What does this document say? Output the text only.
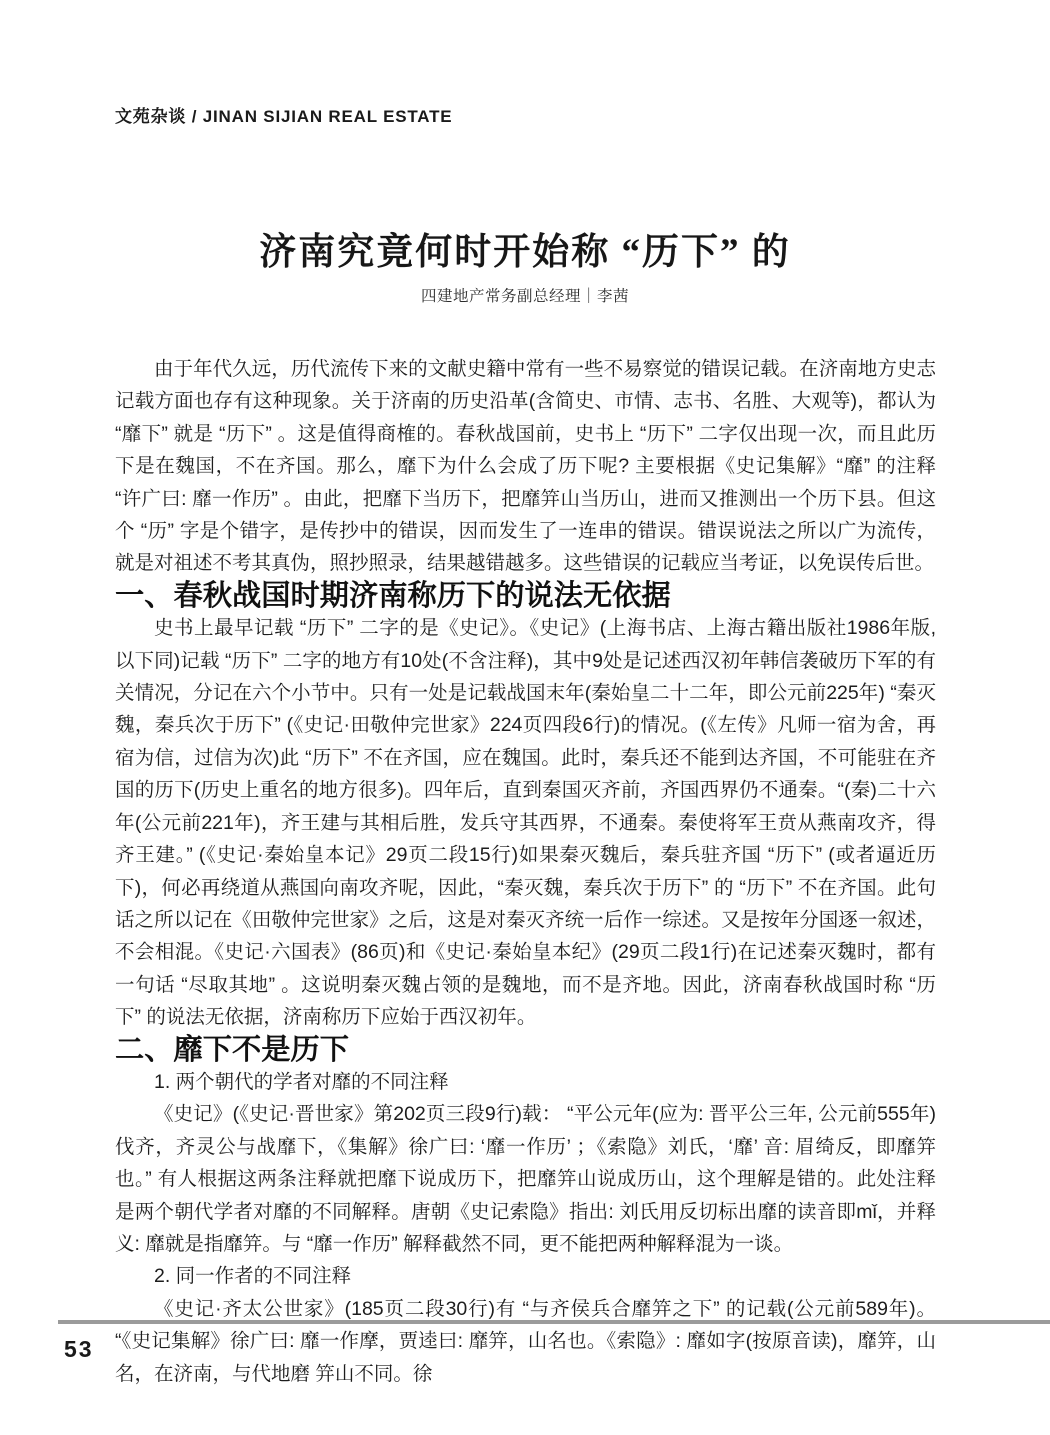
文苑杂谈 / JINAN SIJIAN REAL ESTATE
济南究竟何时开始称 “历下” 的
四建地产常务副总经理｜李茜

由于年代久远，历代流传下来的文献史籍中常有一些不易察觉的错误记载。在济南地方史志记载方面也存有这种现象。关于济南的历史沿革(含简史、市情、志书、名胜、大观等)，都认为 “靡下” 就是 “历下” 。这是值得商榷的。春秋战国前，史书上 “历下” 二字仅出现一次，而且此历下是在魏国，不在齐国。那么，靡下为什么会成了历下呢? 主要根据《史记集解》“靡” 的注释 “许广曰: 靡一作历” 。由此，把靡下当历下，把靡笄山当历山，进而又推测出一个历下县。但这个 “历” 字是个错字，是传抄中的错误，因而发生了一连串的错误。错误说法之所以广为流传，就是对祖述不考其真伪，照抄照录，结果越错越多。这些错误的记载应当考证，以免误传后世。

一、春秋战国时期济南称历下的说法无依据

史书上最早记载 “历下” 二字的是《史记》。《史记》(上海书店、上海古籍出版社1986年版, 以下同)记载 “历下” 二字的地方有10处(不含注释)，其中9处是记述西汉初年韩信袭破历下军的有关情况，分记在六个小节中。只有一处是记载战国末年(秦始皇二十二年，即公元前225年) “秦灭魏，秦兵次于历下” (《史记·田敬仲完世家》224页四段6行)的情况。(《左传》凡师一宿为舍，再宿为信，过信为次)此 “历下” 不在齐国，应在魏国。此时，秦兵还不能到达齐国，不可能驻在齐国的历下(历史上重名的地方很多)。四年后，直到秦国灭齐前，齐国西界仍不通秦。“(秦)二十六年(公元前221年)，齐王建与其相后胜，发兵守其西界，不通秦。秦使将军王贲从燕南攻齐，得齐王建。” (《史记·秦始皇本记》29页二段15行)如果秦灭魏后，秦兵驻齐国 “历下” (或者逼近历下)，何必再绕道从燕国向南攻齐呢，因此，“秦灭魏，秦兵次于历下” 的 “历下” 不在齐国。此句话之所以记在《田敬仲完世家》之后，这是对秦灭齐统一后作一综述。又是按年分国逐一叙述，不会相混。《史记·六国表》(86页)和《史记·秦始皇本纪》(29页二段1行)在记述秦灭魏时，都有一句话 “尽取其地” 。这说明秦灭魏占领的是魏地，而不是齐地。因此，济南春秋战国时称 “历下” 的说法无依据，济南称历下应始于西汉初年。

二、靡下不是历下

1. 两个朝代的学者对靡的不同注释

《史记》(《史记·晋世家》第202页三段9行)载： “平公元年(应为: 晋平公三年, 公元前555年)伐齐，齐灵公与战靡下，《集解》徐广曰: ‘靡一作历’ ；《索隐》刘氏，‘靡’ 音: 眉绮反，即靡笄也。” 有人根据这两条注释就把靡下说成历下，把靡笄山说成历山，这个理解是错的。此处注释是两个朝代学者对靡的不同解释。唐朝《史记索隐》指出: 刘氏用反切标出靡的读音即mǐ，并释义: 靡就是指靡笄。与 “靡一作历” 解释截然不同，更不能把两种解释混为一谈。

2. 同一作者的不同注释

《史记·齐太公世家》(185页二段30行)有 “与齐侯兵合靡笄之下” 的记载(公元前589年)。“《史记集解》徐广曰: 靡一作摩，贾逵曰: 靡笄，山名也。《索隐》: 靡如字(按原音读)，靡笄，山名，在济南，与代地磨 笄山不同。徐

53
